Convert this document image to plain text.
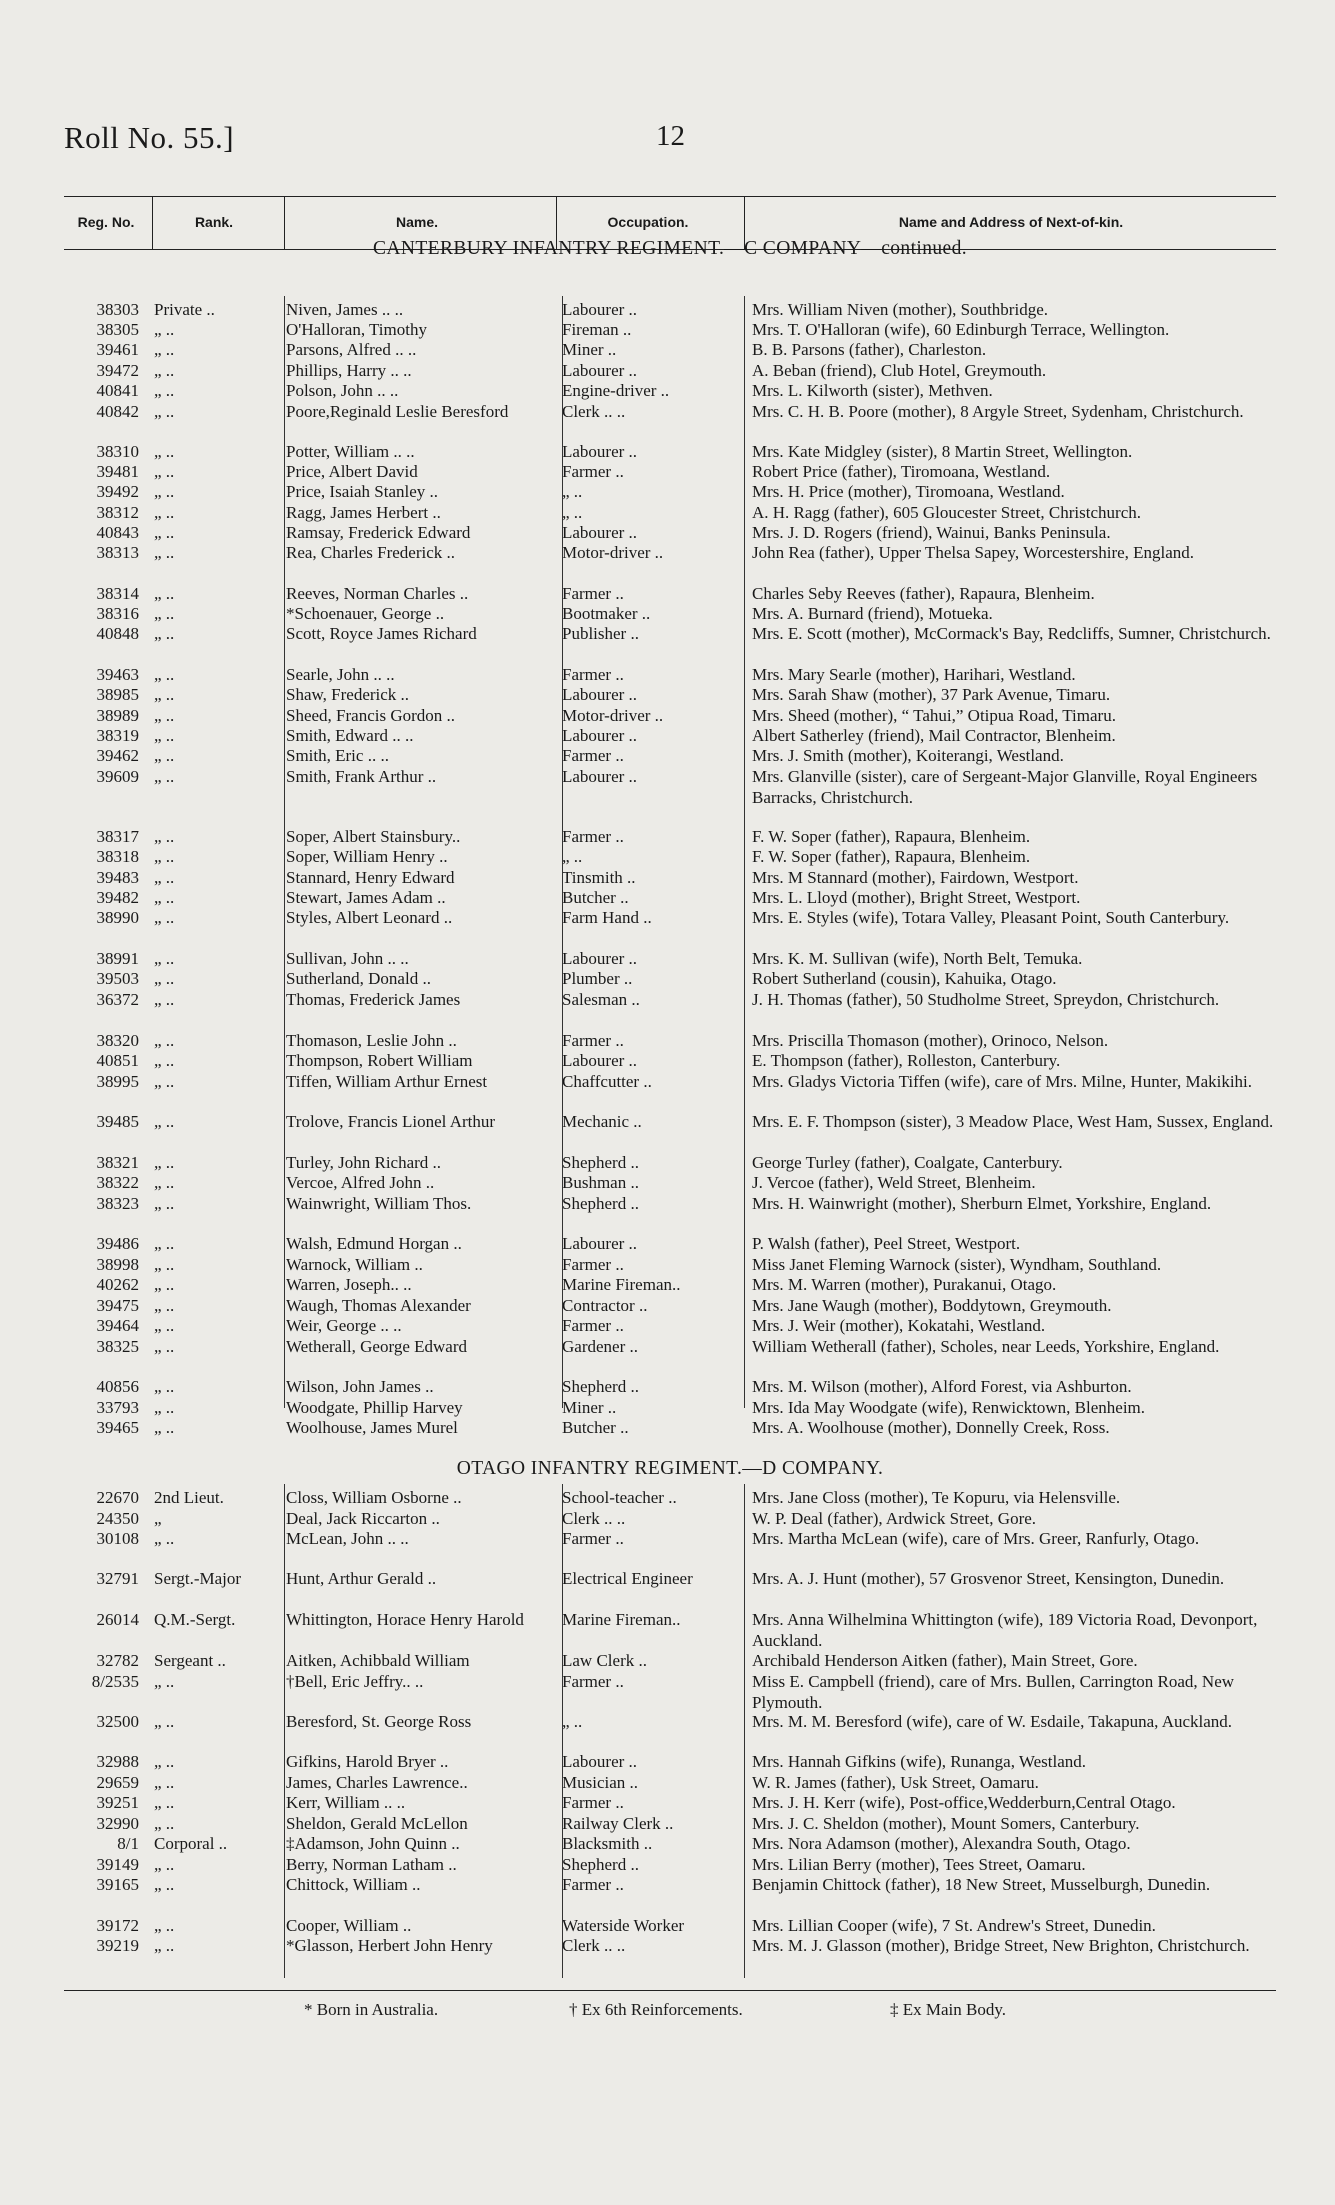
Roll No. 55.]	12
Reg. No.	Rank.	Name.	Occupation.	Name and Address of Next-of-kin.
CANTERBURY INFANTRY REGIMENT.—C COMPANY—continued.
OTAGO INFANTRY REGIMENT.—D COMPANY.
38303 Private ..	Niven, James .. ..	Labourer ..	Mrs. William Niven (mother), Southbridge.
38305 „ ..	O'Halloran, Timothy	Fireman ..	Mrs. T. O'Halloran (wife), 60 Edinburgh Terrace, Wellington.
39461 „ ..	Parsons, Alfred .. ..	Miner ..	B. B. Parsons (father), Charleston.
39472 „ ..	Phillips, Harry .. ..	Labourer ..	A. Beban (friend), Club Hotel, Greymouth.
40841 „ ..	Polson, John .. ..	Engine-driver ..	Mrs. L. Kilworth (sister), Methven.
40842 „ ..	Poore,Reginald Leslie Beresford	Clerk .. ..	Mrs. C. H. B. Poore (mother), 8 Argyle Street, Sydenham, Christchurch.
38310 „ ..	Potter, William .. ..	Labourer ..	Mrs. Kate Midgley (sister), 8 Martin Street, Wellington.
39481 „ ..	Price, Albert David	Farmer ..	Robert Price (father), Tiromoana, Westland.
39492 „ ..	Price, Isaiah Stanley ..	„ ..	Mrs. H. Price (mother), Tiromoana, Westland.
38312 „ ..	Ragg, James Herbert ..	„ ..	A. H. Ragg (father), 605 Gloucester Street, Christchurch.
40843 „ ..	Ramsay, Frederick Edward	Labourer ..	Mrs. J. D. Rogers (friend), Wainui, Banks Peninsula.
38313 „ ..	Rea, Charles Frederick ..	Motor-driver ..	John Rea (father), Upper Thelsa Sapey, Worcestershire, England.
38314 „ ..	Reeves, Norman Charles ..	Farmer ..	Charles Seby Reeves (father), Rapaura, Blenheim.
38316 „ ..	*Schoenauer, George ..	Bootmaker ..	Mrs. A. Burnard (friend), Motueka.
40848 „ ..	Scott, Royce James Richard	Publisher ..	Mrs. E. Scott (mother), McCormack's Bay, Redcliffs, Sumner, Christchurch.
39463 „ ..	Searle, John .. ..	Farmer ..	Mrs. Mary Searle (mother), Harihari, Westland.
38985 „ ..	Shaw, Frederick ..	Labourer ..	Mrs. Sarah Shaw (mother), 37 Park Avenue, Timaru.
38989 „ ..	Sheed, Francis Gordon ..	Motor-driver ..	Mrs. Sheed (mother), “ Tahui,” Otipua Road, Timaru.
38319 „ ..	Smith, Edward .. ..	Labourer ..	Albert Satherley (friend), Mail Contractor, Blenheim.
39462 „ ..	Smith, Eric .. ..	Farmer ..	Mrs. J. Smith (mother), Koiterangi, Westland.
39609 „ ..	Smith, Frank Arthur ..	Labourer ..	Mrs. Glanville (sister), care of Sergeant-Major Glanville, Royal Engineers Barracks, Christchurch.
38317 „ ..	Soper, Albert Stainsbury..	Farmer ..	F. W. Soper (father), Rapaura, Blenheim.
38318 „ ..	Soper, William Henry ..	„ ..	F. W. Soper (father), Rapaura, Blenheim.
39483 „ ..	Stannard, Henry Edward	Tinsmith ..	Mrs. M Stannard (mother), Fairdown, Westport.
39482 „ ..	Stewart, James Adam ..	Butcher ..	Mrs. L. Lloyd (mother), Bright Street, Westport.
38990 „ ..	Styles, Albert Leonard ..	Farm Hand ..	Mrs. E. Styles (wife), Totara Valley, Pleasant Point, South Canterbury.
38991 „ ..	Sullivan, John .. ..	Labourer ..	Mrs. K. M. Sullivan (wife), North Belt, Temuka.
39503 „ ..	Sutherland, Donald ..	Plumber ..	Robert Sutherland (cousin), Kahuika, Otago.
36372 „ ..	Thomas, Frederick James	Salesman ..	J. H. Thomas (father), 50 Studholme Street, Spreydon, Christchurch.
38320 „ ..	Thomason, Leslie John ..	Farmer ..	Mrs. Priscilla Thomason (mother), Orinoco, Nelson.
40851 „ ..	Thompson, Robert William	Labourer ..	E. Thompson (father), Rolleston, Canterbury.
38995 „ ..	Tiffen, William Arthur Ernest	Chaffcutter ..	Mrs. Gladys Victoria Tiffen (wife), care of Mrs. Milne, Hunter, Makikihi.
39485 „ ..	Trolove, Francis Lionel Arthur	Mechanic ..	Mrs. E. F. Thompson (sister), 3 Meadow Place, West Ham, Sussex, England.
38321 „ ..	Turley, John Richard ..	Shepherd ..	George Turley (father), Coalgate, Canterbury.
38322 „ ..	Vercoe, Alfred John ..	Bushman ..	J. Vercoe (father), Weld Street, Blenheim.
38323 „ ..	Wainwright, William Thos.	Shepherd ..	Mrs. H. Wainwright (mother), Sherburn Elmet, Yorkshire, England.
39486 „ ..	Walsh, Edmund Horgan ..	Labourer ..	P. Walsh (father), Peel Street, Westport.
38998 „ ..	Warnock, William ..	Farmer ..	Miss Janet Fleming Warnock (sister), Wyndham, Southland.
40262 „ ..	Warren, Joseph.. ..	Marine Fireman..	Mrs. M. Warren (mother), Purakanui, Otago.
39475 „ ..	Waugh, Thomas Alexander	Contractor ..	Mrs. Jane Waugh (mother), Boddytown, Greymouth.
39464 „ ..	Weir, George .. ..	Farmer ..	Mrs. J. Weir (mother), Kokatahi, Westland.
38325 „ ..	Wetherall, George Edward	Gardener ..	William Wetherall (father), Scholes, near Leeds, Yorkshire, England.
40856 „ ..	Wilson, John James ..	Shepherd ..	Mrs. M. Wilson (mother), Alford Forest, via Ashburton.
33793 „ ..	Woodgate, Phillip Harvey	Miner ..	Mrs. Ida May Woodgate (wife), Renwicktown, Blenheim.
39465 „ ..	Woolhouse, James Murel	Butcher ..	Mrs. A. Woolhouse (mother), Donnelly Creek, Ross.
22670 2nd Lieut.	Closs, William Osborne ..	School-teacher ..	Mrs. Jane Closs (mother), Te Kopuru, via Helensville.
24350 „	Deal, Jack Riccarton ..	Clerk .. ..	W. P. Deal (father), Ardwick Street, Gore.
30108 „ ..	McLean, John .. ..	Farmer ..	Mrs. Martha McLean (wife), care of Mrs. Greer, Ranfurly, Otago.
32791 Sergt.-Major	Hunt, Arthur Gerald ..	Electrical Engineer	Mrs. A. J. Hunt (mother), 57 Grosvenor Street, Kensington, Dunedin.
26014 Q.M.-Sergt.	Whittington, Horace Henry Harold	Marine Fireman..	Mrs. Anna Wilhelmina Whittington (wife), 189 Victoria Road, Devonport, Auckland.
32782 Sergeant ..	Aitken, Achibbald William	Law Clerk ..	Archibald Henderson Aitken (father), Main Street, Gore.
8/2535 „ ..	†Bell, Eric Jeffry.. ..	Farmer ..	Miss E. Campbell (friend), care of Mrs. Bullen, Carrington Road, New Plymouth.
32500 „ ..	Beresford, St. George Ross	„ ..	Mrs. M. M. Beresford (wife), care of W. Esdaile, Takapuna, Auckland.
32988 „ ..	Gifkins, Harold Bryer ..	Labourer ..	Mrs. Hannah Gifkins (wife), Runanga, Westland.
29659 „ ..	James, Charles Lawrence..	Musician ..	W. R. James (father), Usk Street, Oamaru.
39251 „ ..	Kerr, William .. ..	Farmer ..	Mrs. J. H. Kerr (wife), Post-office,Wedderburn,Central Otago.
32990 „ ..	Sheldon, Gerald McLellon	Railway Clerk ..	Mrs. J. C. Sheldon (mother), Mount Somers, Canterbury.
8/1 Corporal ..	‡Adamson, John Quinn ..	Blacksmith ..	Mrs. Nora Adamson (mother), Alexandra South, Otago.
39149 „ ..	Berry, Norman Latham ..	Shepherd ..	Mrs. Lilian Berry (mother), Tees Street, Oamaru.
39165 „ ..	Chittock, William ..	Farmer ..	Benjamin Chittock (father), 18 New Street, Musselburgh, Dunedin.
39172 „ ..	Cooper, William ..	Waterside Worker	Mrs. Lillian Cooper (wife), 7 St. Andrew's Street, Dunedin.
39219 „ ..	*Glasson, Herbert John Henry	Clerk .. ..	Mrs. M. J. Glasson (mother), Bridge Street, New Brighton, Christchurch.
* Born in Australia.	† Ex 6th Reinforcements.	‡ Ex Main Body.
